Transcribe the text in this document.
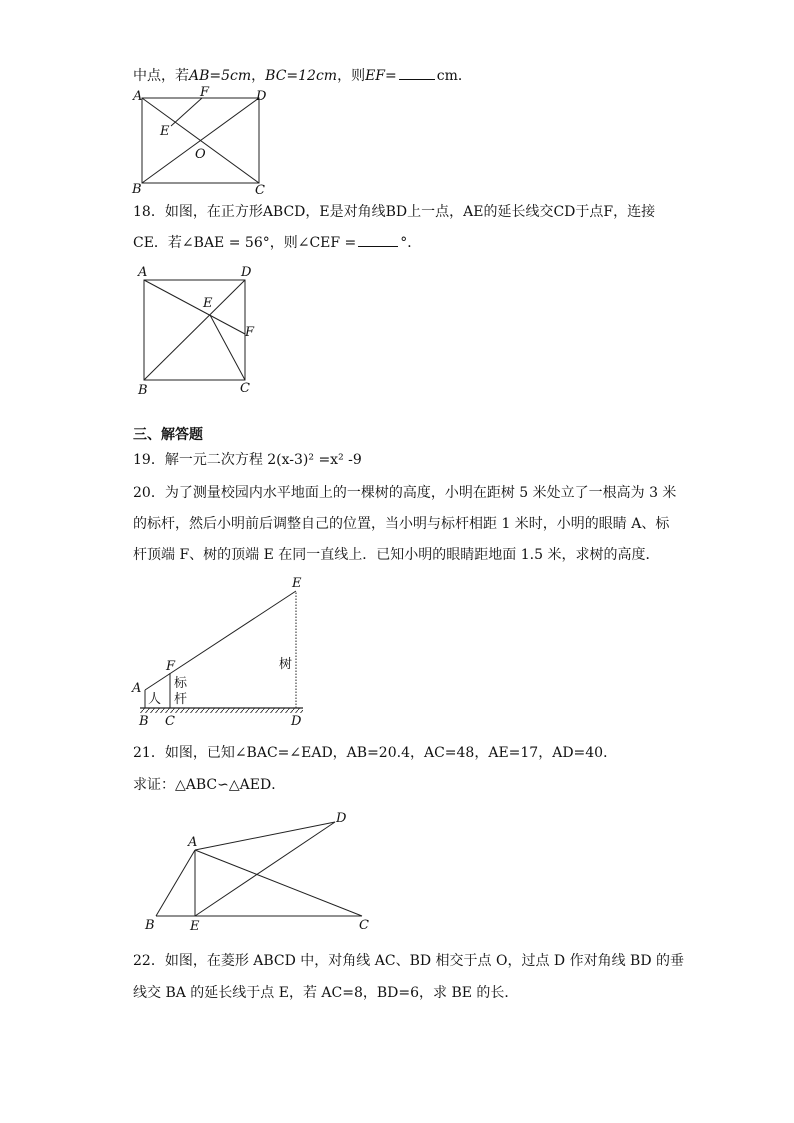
中点，若AB=5cm，BC=12cm，则EF=	cm．
A	F	D
E
O
B	C
18．如图，在正方形ABCD，E是对角线BD上一点，AE的延长线交CD于点F，连接
CE．若∠BAE = 56°，则∠CEF =	°．
A	D
E
F
B	C
三、解答题
19．解一元二次方程 2(x-3)² =x² -9
20．为了测量校园内水平地面上的一棵树的高度，小明在距树 5 米处立了一根高为 3 米
的标杆，然后小明前后调整自己的位置，当小明与标杆相距 1 米时，小明的眼睛 A、标
杆顶端 F、树的顶端 E 在同一直线上．已知小明的眼睛距地面 1.5 米，求树的高度．
E
F
A
B C	D
树
标
杆
人
21．如图，已知∠BAC=∠EAD，AB=20.4，AC=48，AE=17，AD=40．
求证：△ABC∽△AED．
D
A
B	E	C
22．如图，在菱形 ABCD 中，对角线 AC、BD 相交于点 O，过点 D 作对角线 BD 的垂
线交 BA 的延长线于点 E，若 AC=8，BD=6，求 BE 的长．
